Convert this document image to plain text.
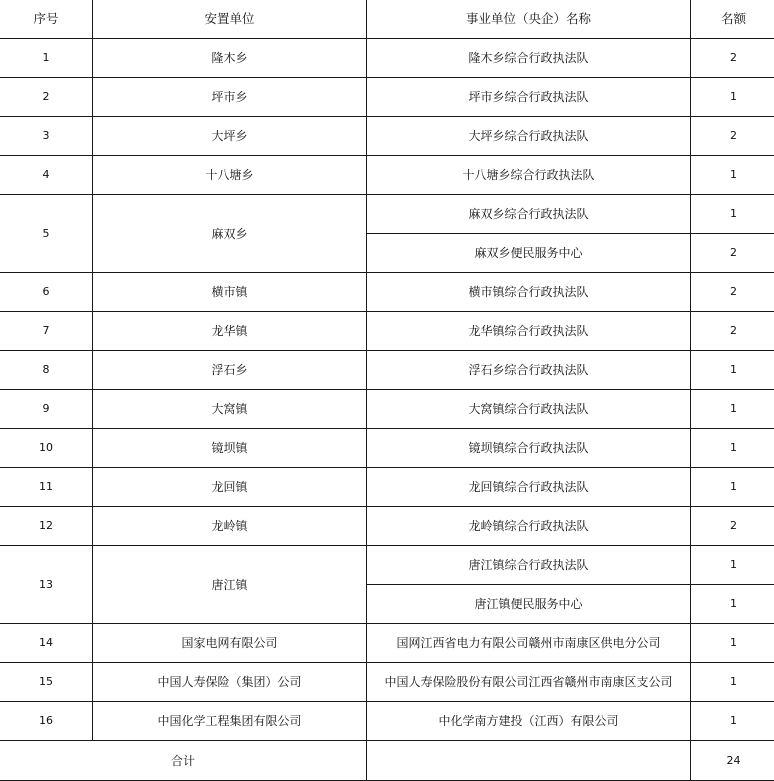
序号	安置单位	事业单位（央企）名称	名额
1	隆木乡	隆木乡综合行政执法队	2
2	坪市乡	坪市乡综合行政执法队	1
3	大坪乡	大坪乡综合行政执法队	2
4	十八塘乡	十八塘乡综合行政执法队	1
5	麻双乡	麻双乡综合行政执法队	1
		麻双乡便民服务中心	2
6	横市镇	横市镇综合行政执法队	2
7	龙华镇	龙华镇综合行政执法队	2
8	浮石乡	浮石乡综合行政执法队	1
9	大窝镇	大窝镇综合行政执法队	1
10	镜坝镇	镜坝镇综合行政执法队	1
11	龙回镇	龙回镇综合行政执法队	1
12	龙岭镇	龙岭镇综合行政执法队	2
13	唐江镇	唐江镇综合行政执法队	1
		唐江镇便民服务中心	1
14	国家电网有限公司	国网江西省电力有限公司赣州市南康区供电分公司	1
15	中国人寿保险（集团）公司	中国人寿保险股份有限公司江西省赣州市南康区支公司	1
16	中国化学工程集团有限公司	中化学南方建投（江西）有限公司	1
合计			24
